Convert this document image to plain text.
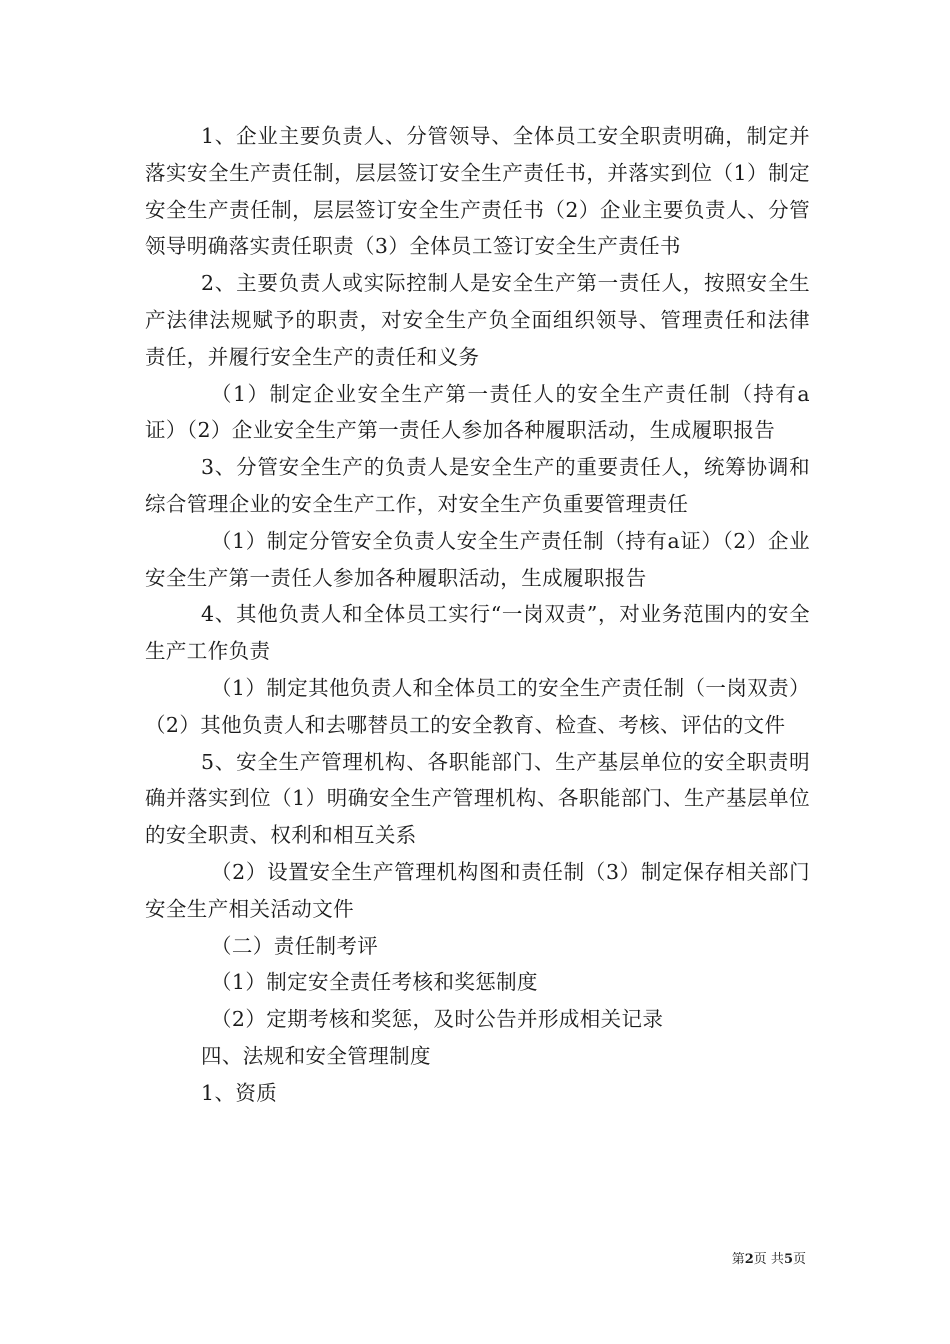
1、企业主要负责人、分管领导、全体员工安全职责明确，制定并落实安全生产责任制，层层签订安全生产责任书，并落实到位（1）制定安全生产责任制，层层签订安全生产责任书（2）企业主要负责人、分管领导明确落实责任职责（3）全体员工签订安全生产责任书

2、主要负责人或实际控制人是安全生产第一责任人，按照安全生产法律法规赋予的职责，对安全生产负全面组织领导、管理责任和法律责任，并履行安全生产的责任和义务

（1）制定企业安全生产第一责任人的安全生产责任制（持有a证）（2）企业安全生产第一责任人参加各种履职活动，生成履职报告

3、分管安全生产的负责人是安全生产的重要责任人，统筹协调和综合管理企业的安全生产工作，对安全生产负重要管理责任

（1）制定分管安全负责人安全生产责任制（持有a证）（2）企业安全生产第一责任人参加各种履职活动，生成履职报告

4、其他负责人和全体员工实行“一岗双责”，对业务范围内的安全生产工作负责

（1）制定其他负责人和全体员工的安全生产责任制（一岗双责）（2）其他负责人和去哪替员工的安全教育、检查、考核、评估的文件

5、安全生产管理机构、各职能部门、生产基层单位的安全职责明确并落实到位（1）明确安全生产管理机构、各职能部门、生产基层单位的安全职责、权利和相互关系

（2）设置安全生产管理机构图和责任制（3）制定保存相关部门安全生产相关活动文件

（二）责任制考评

（1）制定安全责任考核和奖惩制度

（2）定期考核和奖惩，及时公告并形成相关记录

四、法规和安全管理制度

1、资质

第2页 共5页
